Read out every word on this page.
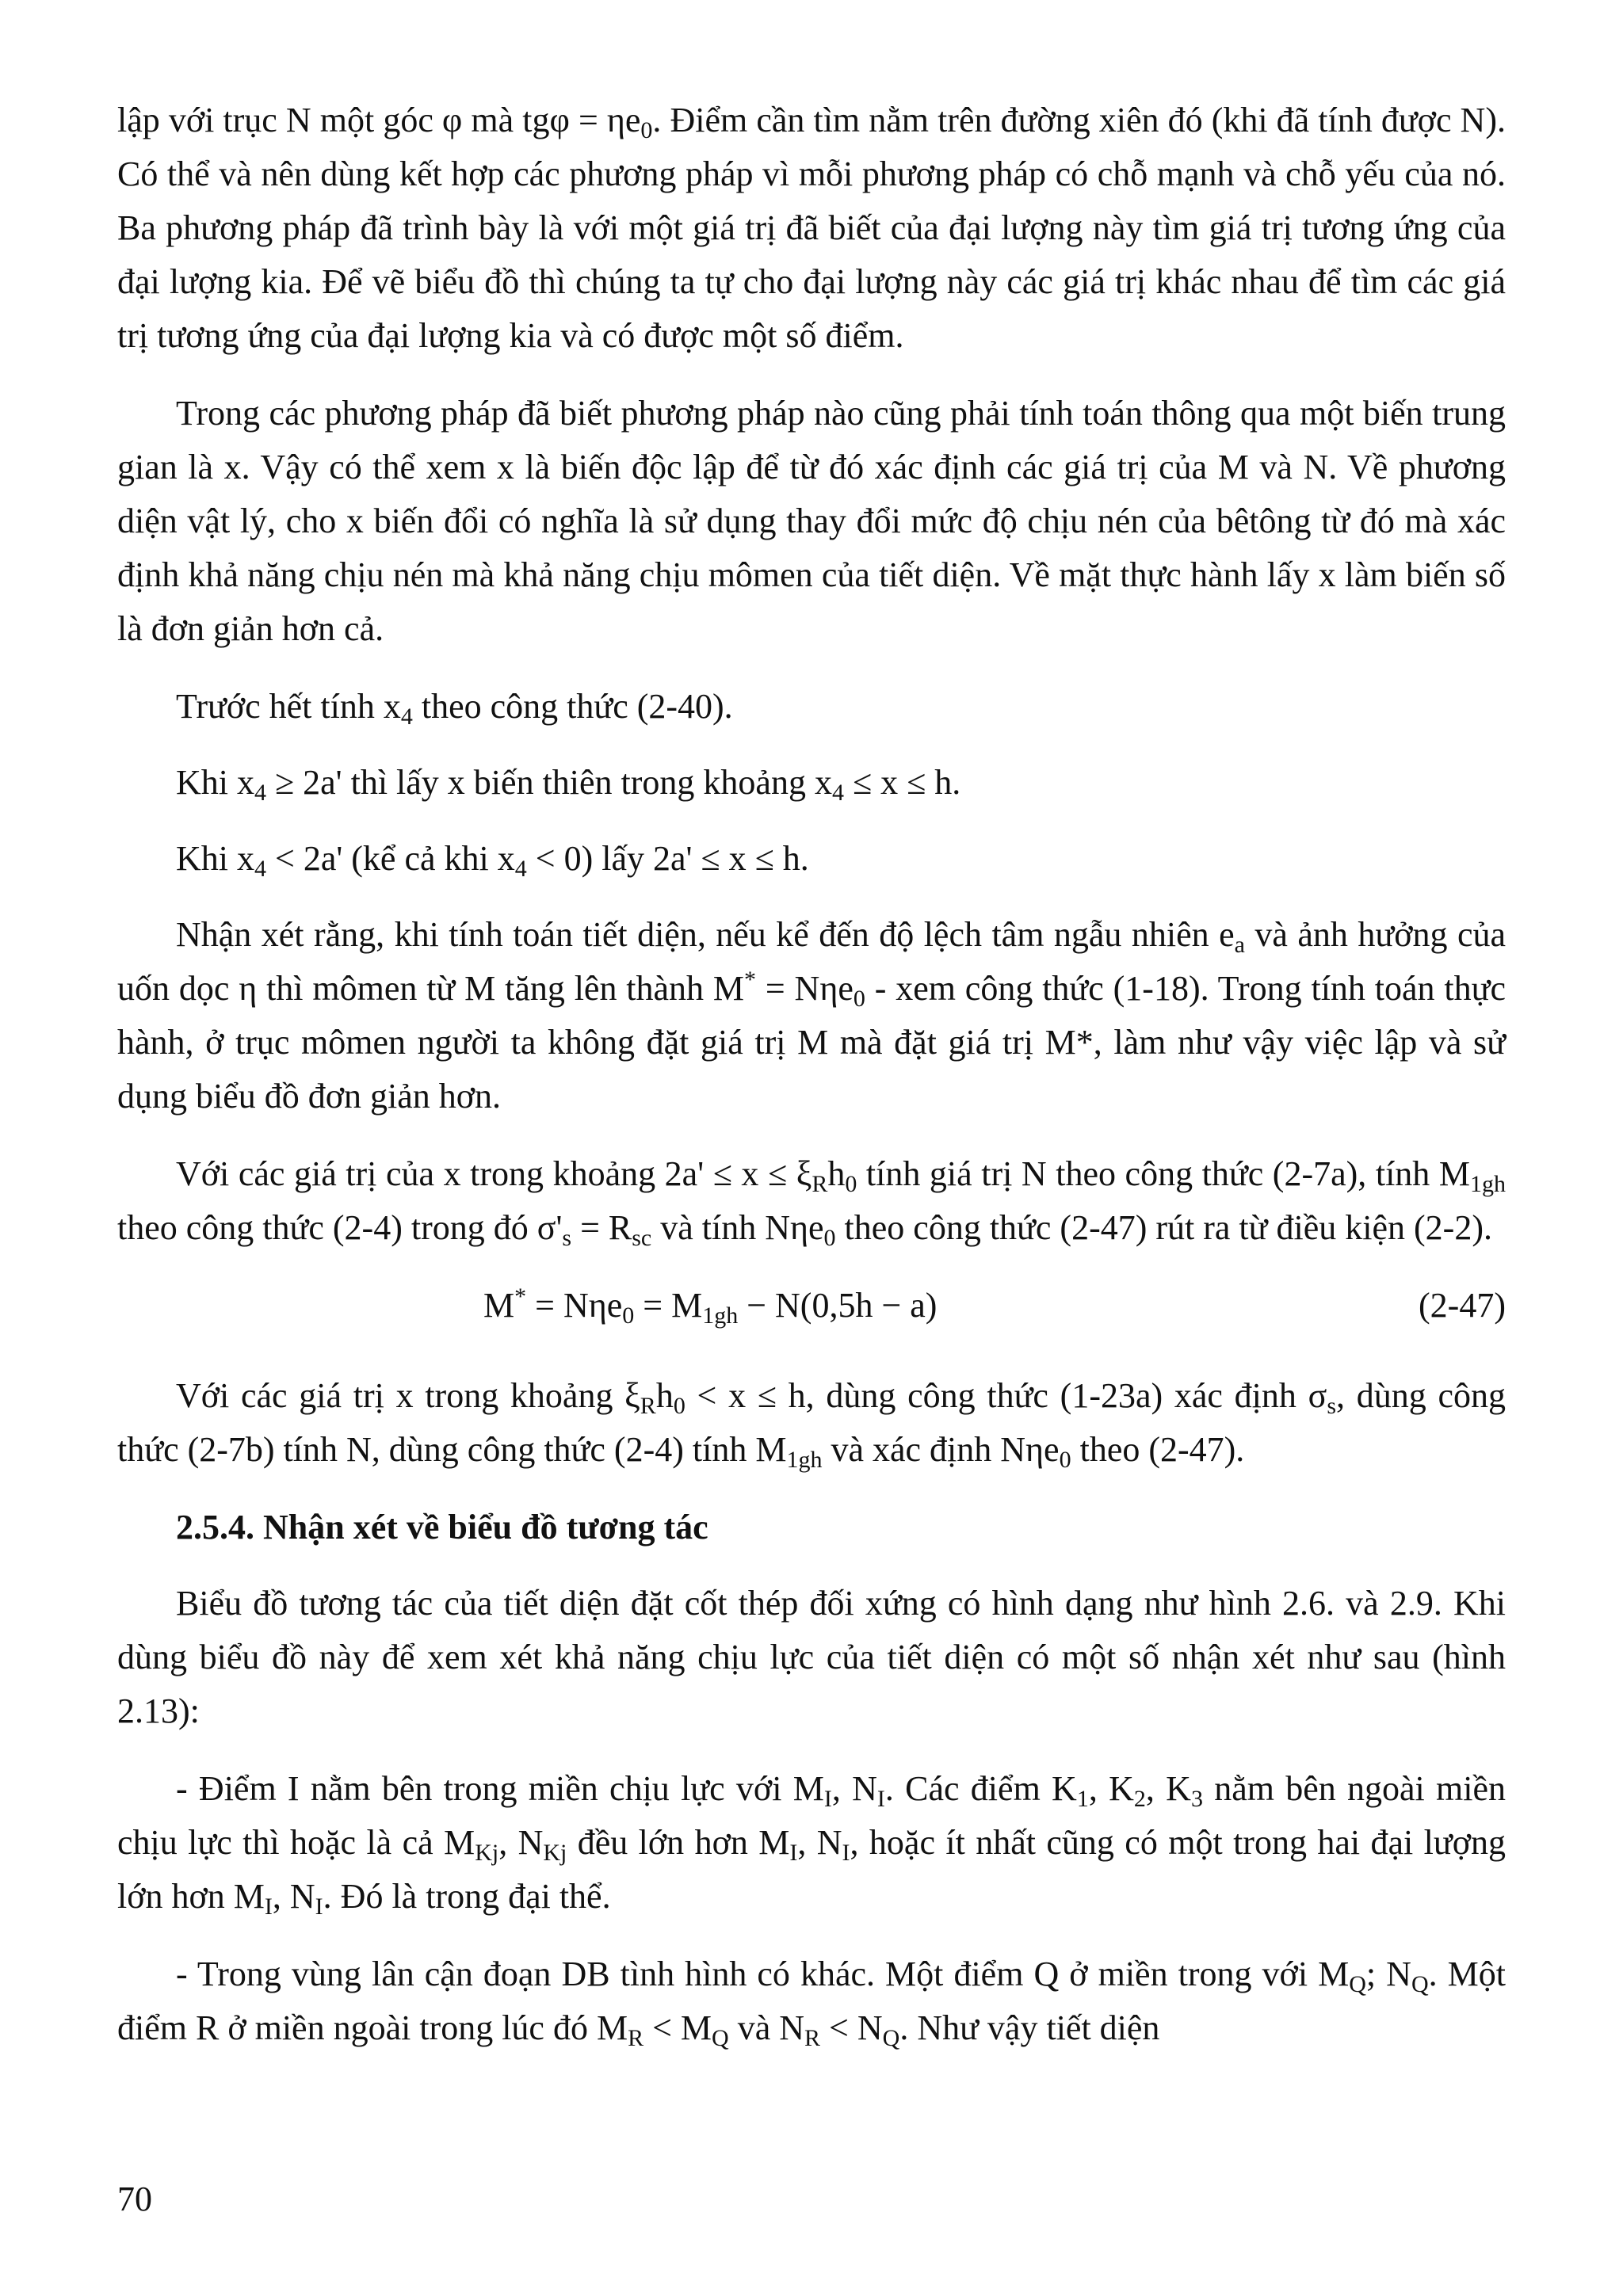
lập với trục N một góc φ mà $tg\varphi = \eta e_0$. Điểm cần tìm nằm trên đường xiên đó (khi đã tính được N). Có thể và nên dùng kết hợp các phương pháp vì mỗi phương pháp có chỗ mạnh và chỗ yếu của nó. Ba phương pháp đã trình bày là với một giá trị đã biết của đại lượng này tìm giá trị tương ứng của đại lượng kia. Để vẽ biểu đồ thì chúng ta tự cho đại lượng này các giá trị khác nhau để tìm các giá trị tương ứng của đại lượng kia và có được một số điểm.

Trong các phương pháp đã biết phương pháp nào cũng phải tính toán thông qua một biến trung gian là x. Vậy có thể xem x là biến độc lập để từ đó xác định các giá trị của M và N. Về phương diện vật lý, cho x biến đổi có nghĩa là sử dụng thay đổi mức độ chịu nén của bêtông từ đó mà xác định khả năng chịu nén mà khả năng chịu mômen của tiết diện. Về mặt thực hành lấy x làm biến số là đơn giản hơn cả.

Trước hết tính $x_4$ theo công thức (2-40).

Khi $x_4 \ge 2a'$ thì lấy x biến thiên trong khoảng $x_4 \le x \le h$.

Khi $x_4 < 2a'$ (kể cả khi $x_4 < 0$) lấy 2a' ≤ x ≤ h.

Nhận xét rằng, khi tính toán tiết diện, nếu kể đến độ lệch tâm ngẫu nhiên $e_a$ và ảnh hưởng của uốn dọc η thì mômen từ M tăng lên thành M* = Nηe$_0$ - xem công thức (1-18). Trong tính toán thực hành, ở trục mômen người ta không đặt giá trị M mà đặt giá trị M*, làm như vậy việc lập và sử dụng biểu đồ đơn giản hơn.

Với các giá trị của x trong khoảng $2a' \le x \le \xi_Rh_0$ tính giá trị N theo công thức (2-7a), tính $M_{1gh}$ theo công thức (2-4) trong đó $\sigma'_s = R_{sc}$ và tính Nηe$_0$ theo công thức (2-47) rút ra từ điều kiện (2-2).

$M^* = N\eta e_0 = M_{1gh} - N(0,5h - a)$	(2-47)

Với các giá trị x trong khoảng $\xi_Rh_0 < x \le h$, dùng công thức (1-23a) xác định $\sigma_s$, dùng công thức (2-7b) tính N, dùng công thức (2-4) tính $M_{1gh}$ và xác định Nηe$_0$ theo (2-47).

2.5.4. Nhận xét về biểu đồ tương tác

Biểu đồ tương tác của tiết diện đặt cốt thép đối xứng có hình dạng như hình 2.6. và 2.9. Khi dùng biểu đồ này để xem xét khả năng chịu lực của tiết diện có một số nhận xét như sau (hình 2.13):

- Điểm I nằm bên trong miền chịu lực với $M_I$, $N_I$. Các điểm $K_1$, $K_2$, $K_3$ nằm bên ngoài miền chịu lực thì hoặc là cả $M_{Kj}$, $N_{Kj}$ đều lớn hơn $M_I$, $N_I$, hoặc ít nhất cũng có một trong hai đại lượng lớn hơn $M_I$, $N_I$. Đó là trong đại thể.

- Trong vùng lân cận đoạn DB tình hình có khác. Một điểm Q ở miền trong với $M_Q$; $N_Q$. Một điểm R ở miền ngoài trong lúc đó $M_R < M_Q$ và $N_R < N_Q$. Như vậy tiết diện

70
